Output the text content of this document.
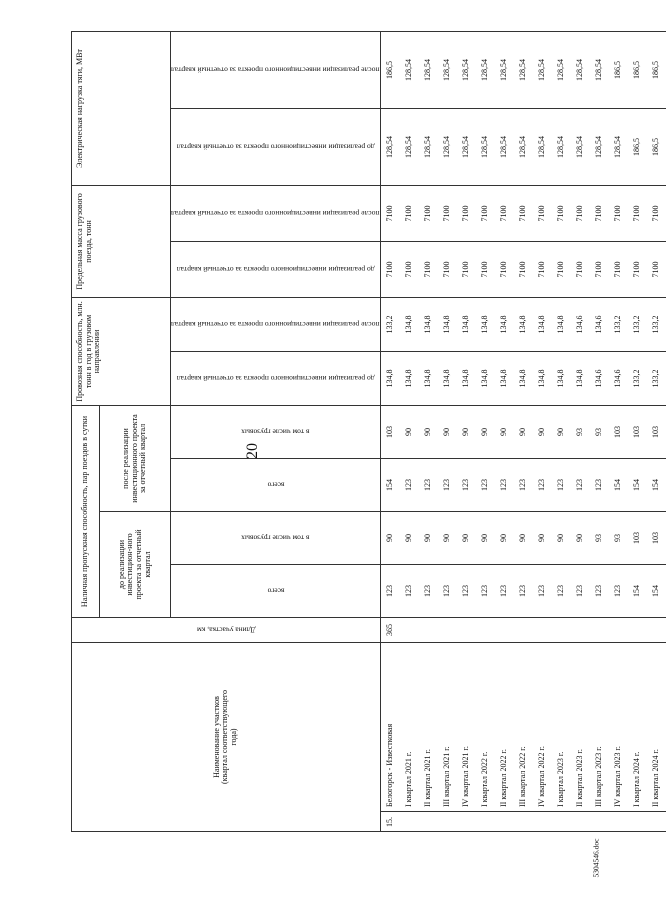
20
5304546.doc
Наименование участков (квартал соответствующего года)		Длина участка, км	Наличная пропускная способность, пар поездов в сутки				Провозная способность, млн. тонн в год в грузовом направлении		Предельная масса грузового поезда, тонн		Электрическая нагрузка тяги, МВт	
			до реализации инвестицион-ного проекта за отчетный квартал		после реализации инвестиционного проекта за отчетный квартал							
			всего	в том числе грузовых	всего	в том числе грузовых	до реализации инвестиционного проекта за отчетный квартал	после реализации инвестиционного проекта за отчетный квартал	до реализации инвестиционного проекта за отчетный квартал	после реализации инвестиционного проекта за отчетный квартал	до реализации инвестиционного проекта за отчетный квартал	после реализации инвестиционного проекта за отчетный квартал
15.	Белогорск - Известковая	365	123	90	154	103	134,8	133,2	7100	7100	128,54	186,5
	I квартал 2021 г.		123	90	123	90	134,8	134,8	7100	7100	128,54	128,54
	II квартал 2021 г.		123	90	123	90	134,8	134,8	7100	7100	128,54	128,54
	III квартал 2021 г.		123	90	123	90	134,8	134,8	7100	7100	128,54	128,54
	IV квартал 2021 г.		123	90	123	90	134,8	134,8	7100	7100	128,54	128,54
	I квартал 2022 г.		123	90	123	90	134,8	134,8	7100	7100	128,54	128,54
	II квартал 2022 г.		123	90	123	90	134,8	134,8	7100	7100	128,54	128,54
	III квартал 2022 г.		123	90	123	90	134,8	134,8	7100	7100	128,54	128,54
	IV квартал 2022 г.		123	90	123	90	134,8	134,8	7100	7100	128,54	128,54
	I квартал 2023 г.		123	90	123	90	134,8	134,8	7100	7100	128,54	128,54
	II квартал 2023 г.		123	90	123	93	134,8	134,6	7100	7100	128,54	128,54
	III квартал 2023 г.		123	93	123	93	134,6	134,6	7100	7100	128,54	128,54
	IV квартал 2023 г.		123	93	154	103	134,6	133,2	7100	7100	128,54	186,5
	I квартал 2024 г.		154	103	154	103	133,2	133,2	7100	7100	186,5	186,5
	II квартал 2024 г.		154	103	154	103	133,2	133,2	7100	7100	186,5	186,5
